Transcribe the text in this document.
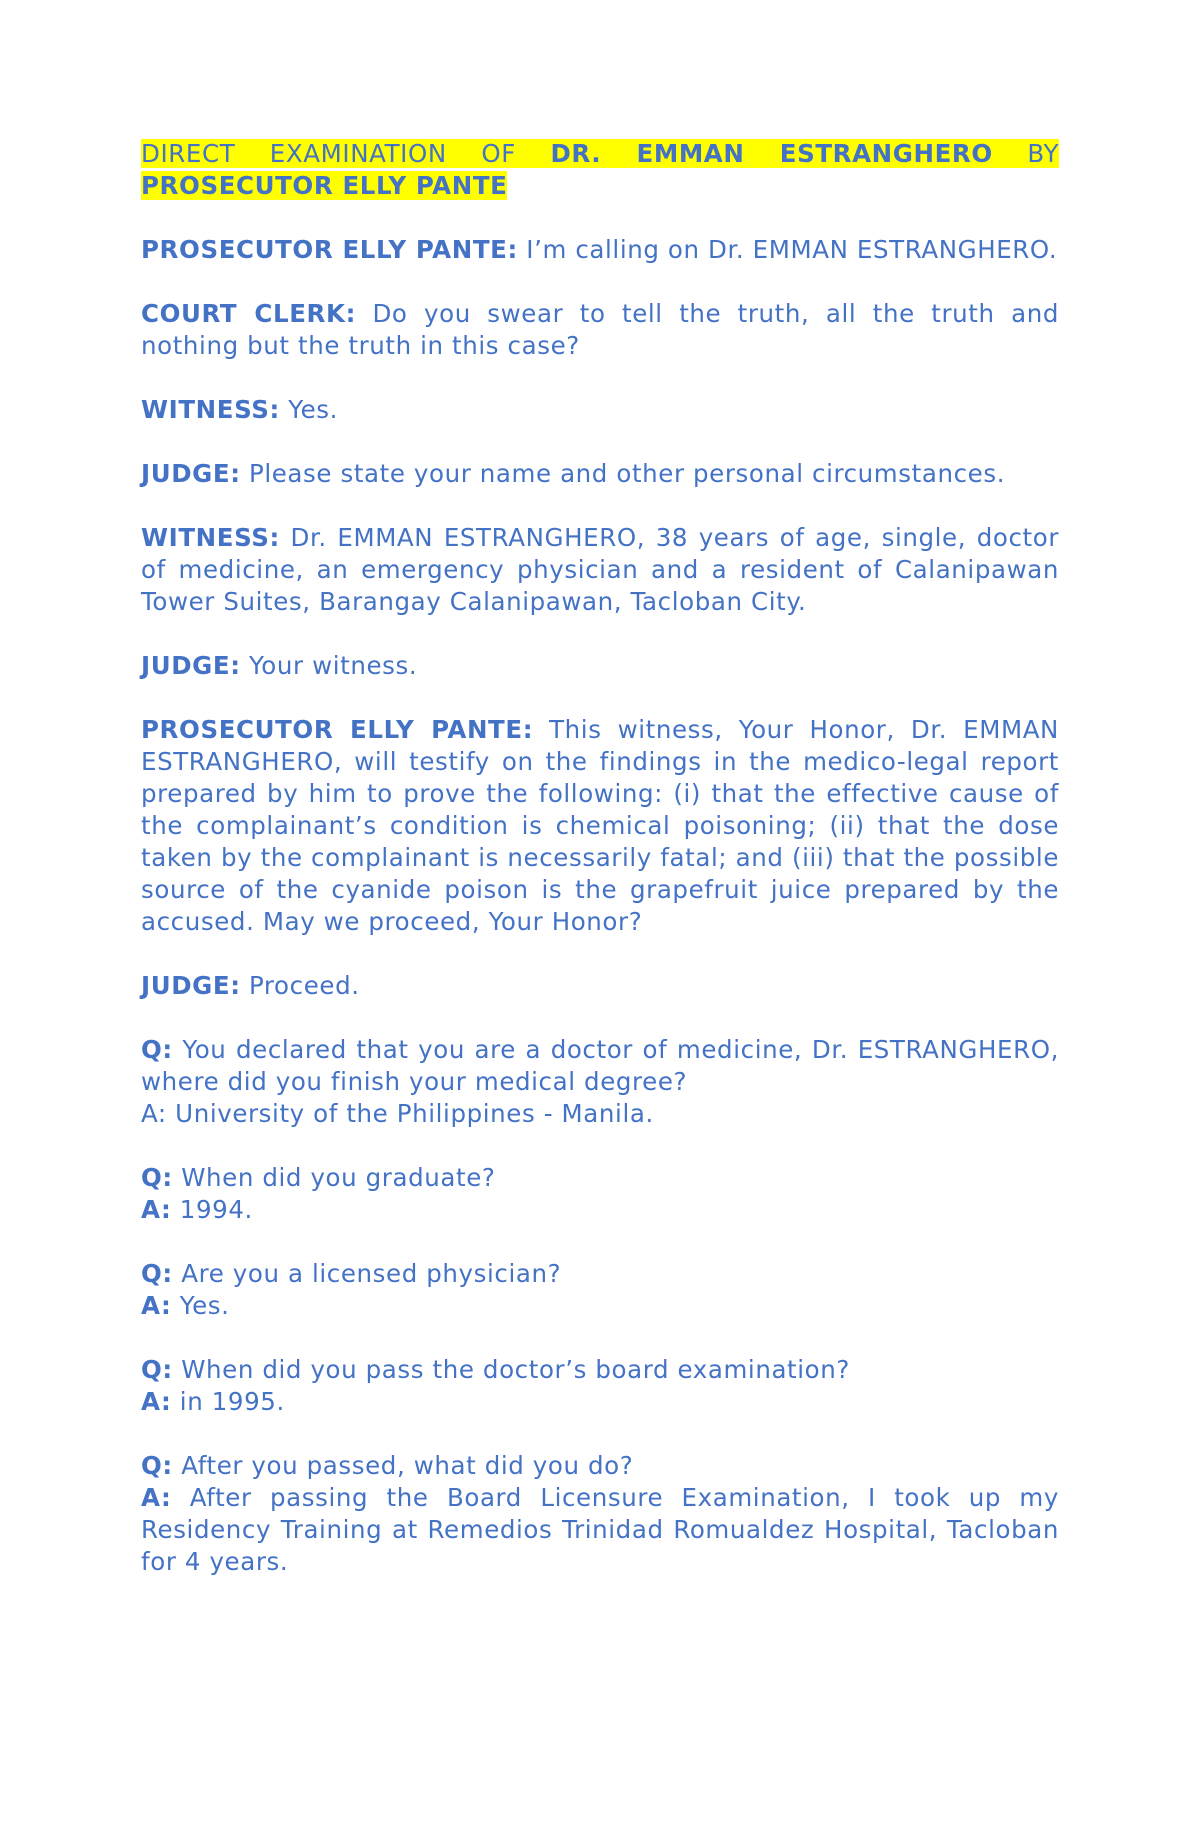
DIRECT EXAMINATION OF DR. EMMAN ESTRANGHERO BY PROSECUTOR ELLY PANTE

PROSECUTOR ELLY PANTE: I’m calling on Dr. EMMAN ESTRANGHERO.

COURT CLERK: Do you swear to tell the truth, all the truth and nothing but the truth in this case?

WITNESS: Yes.

JUDGE: Please state your name and other personal circumstances.

WITNESS: Dr. EMMAN ESTRANGHERO, 38 years of age, single, doctor of medicine, an emergency physician and a resident of Calanipawan Tower Suites, Barangay Calanipawan, Tacloban City.

JUDGE: Your witness.

PROSECUTOR ELLY PANTE: This witness, Your Honor, Dr. EMMAN ESTRANGHERO, will testify on the findings in the medico-legal report prepared by him to prove the following: (i) that the effective cause of the complainant’s condition is chemical poisoning; (ii) that the dose taken by the complainant is necessarily fatal; and (iii) that the possible source of the cyanide poison is the grapefruit juice prepared by the accused. May we proceed, Your Honor?

JUDGE: Proceed.

Q: You declared that you are a doctor of medicine, Dr. ESTRANGHERO, where did you finish your medical degree?
A: University of the Philippines - Manila.
Q: When did you graduate?
A: 1994.
Q: Are you a licensed physician?
A: Yes.
Q: When did you pass the doctor’s board examination?
A: in 1995.
Q: After you passed, what did you do?
A: After passing the Board Licensure Examination, I took up my Residency Training at Remedios Trinidad Romualdez Hospital, Tacloban for 4 years.
